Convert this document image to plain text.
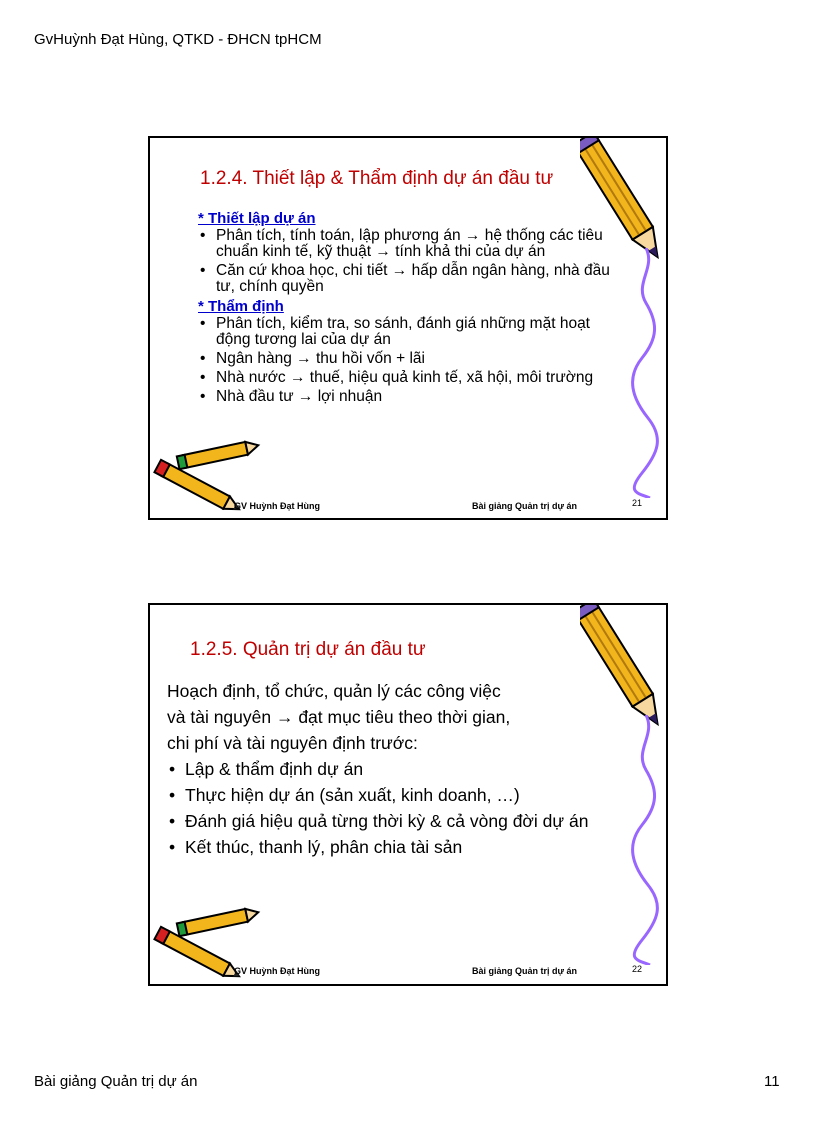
GvHuỳnh Đạt Hùng, QTKD - ĐHCN tpHCM
1.2.4. Thiết lập & Thẩm định dự án đầu tư
* Thiết lập dự án
• Phân tích, tính toán, lập phương án → hệ thống các tiêu chuẩn kinh tế, kỹ thuật → tính khả thi của dự án
• Căn cứ khoa học, chi tiết → hấp dẫn ngân hàng, nhà đầu tư, chính quyền
* Thẩm định
• Phân tích, kiểm tra, so sánh, đánh giá những mặt hoạt động tương lai của dự án
• Ngân hàng → thu hồi vốn + lãi
• Nhà nước → thuế, hiệu quả kinh tế, xã hội, môi trường
• Nhà đầu tư → lợi nhuận
GV Huỳnh Đạt Hùng	Bài giảng Quản trị dự án	21
1.2.5. Quản trị dự án đầu tư
Hoạch định, tổ chức, quản lý các công việc
và tài nguyên → đạt mục tiêu theo thời gian,
chi phí và tài nguyên định trước:
• Lập & thẩm định dự án
• Thực hiện dự án (sản xuất, kinh doanh, …)
• Đánh giá hiệu quả từng thời kỳ & cả vòng đời dự án
• Kết thúc, thanh lý, phân chia tài sản
GV Huỳnh Đạt Hùng	Bài giảng Quản trị dự án	22
Bài giảng Quản trị dự án	11
